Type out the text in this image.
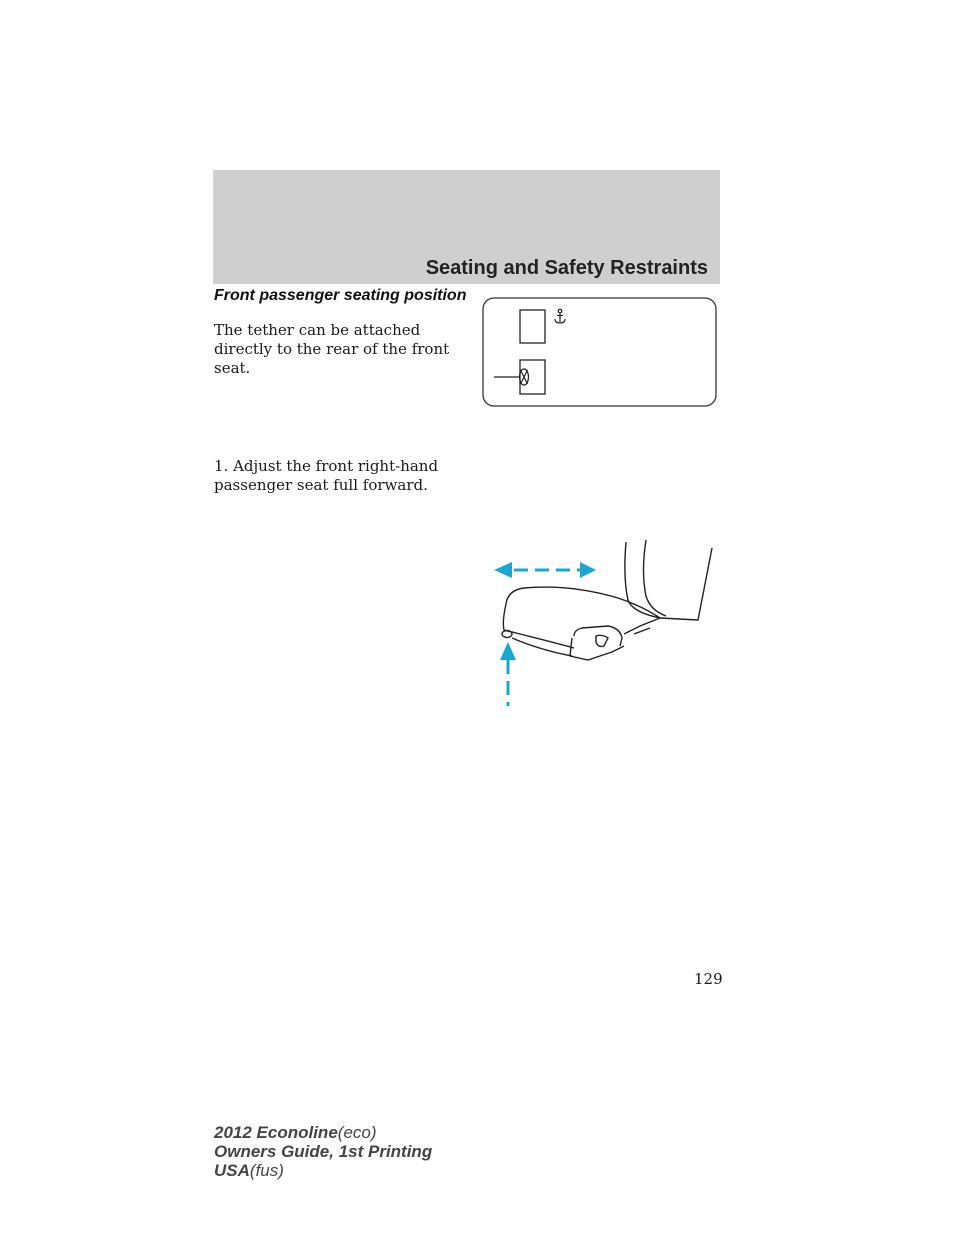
Seating and Safety Restraints
Front passenger seating position
The tether can be attached directly to the rear of the front seat.
1. Adjust the front right-hand passenger seat full forward.
129
2012 Econoline(eco)
Owners Guide, 1st Printing
USA(fus)
